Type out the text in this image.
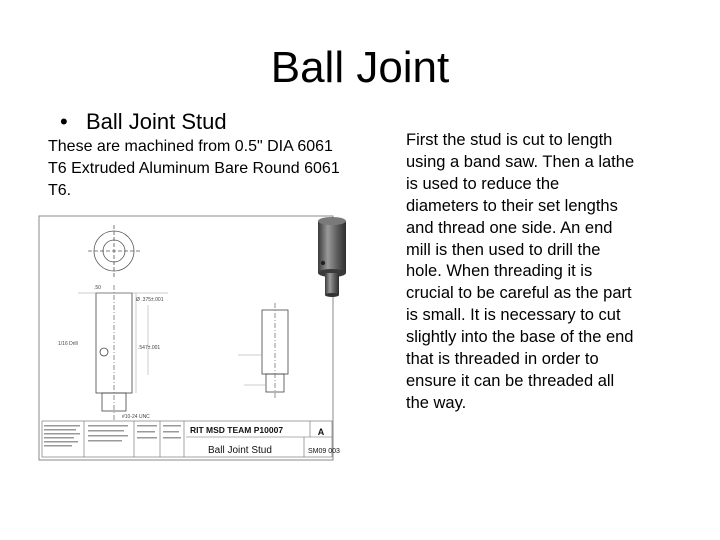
Ball Joint
• Ball Joint Stud
These are machined from 0.5" DIA 6061 T6 Extruded Aluminum Bare Round 6061 T6.
First the stud is cut to length using a band saw. Then a lathe is used to reduce the diameters to their set lengths and thread one side. An end mill is then used to drill the hole. When threading it is crucial to be careful as the part is small. It is necessary to cut slightly into the base of the end that is threaded in order to ensure it can be threaded all the way.
.50
Ø .375±.001
.547±.001
#10-24 UNC
1/16 Drill
RIT MSD TEAM P10007	A
Ball Joint Stud	SM09 003
